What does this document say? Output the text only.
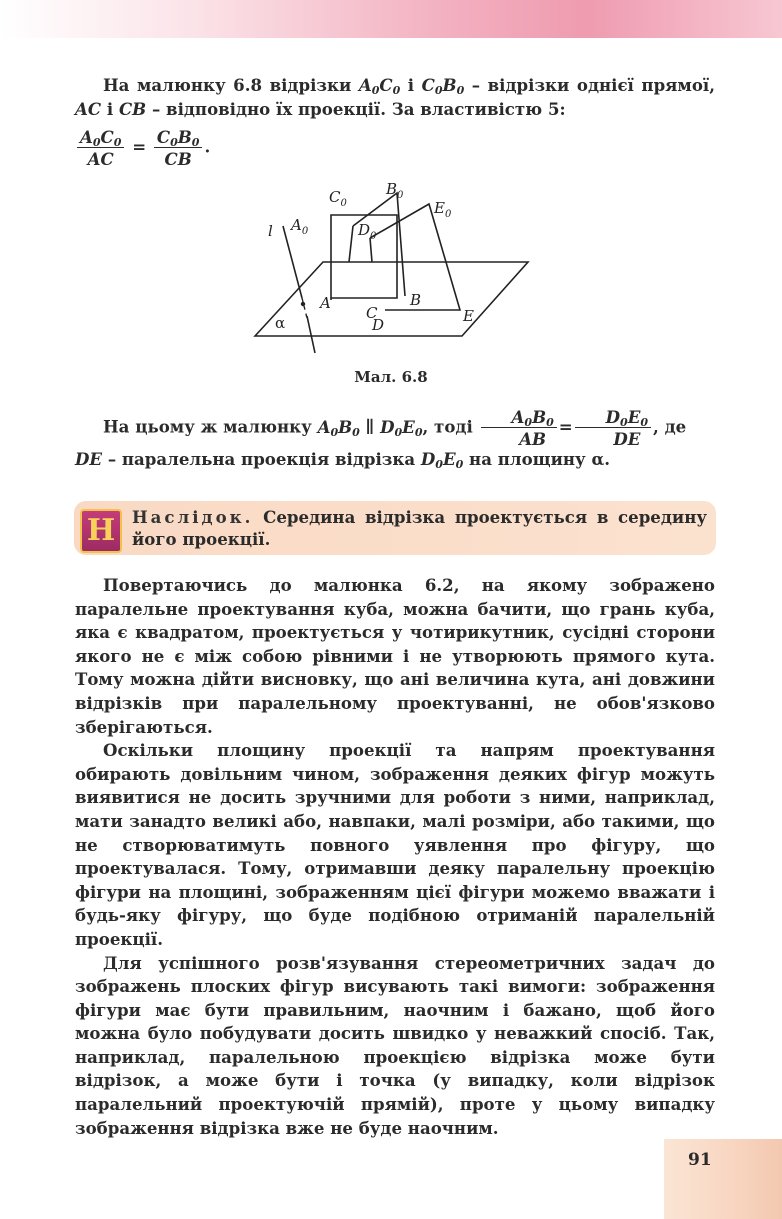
На малюнку 6.8 відрізки $A_0C_0$ і $C_0B_0$ – відрізки однієї прямої, AC і CB – відповідно їх проекції. За властивістю 5:

$\frac{A_0C_0}{AC} = \frac{C_0B_0}{CB}$ .
l $A_0$
$C_0$
$B_0$
$E_0$
$D_0$
A
C
B
D	E
α
Мал. 6.8

На цьому ж малюнку $A_0B_0$ ∥ $D_0E_0$, тоді $\frac{A_0B_0}{AB} = \frac{D_0E_0}{DE}$ , де

DE – паралельна проекція відрізка $D_0E_0$ на площину α.

Н	Наслідок. Середина відрізка проектується в середину його проекції.

Повертаючись до малюнка 6.2, на якому зображено паралельне проектування куба, можна бачити, що грань куба, яка є квадратом, проектується у чотирикутник, сусідні сторони якого не є між собою рівними і не утворюють прямого кута. Тому можна дійти висновку, що ані величина кута, ані довжини відрізків при паралельному проектуванні, не обов'язково зберігаються.

Оскільки площину проекції та напрям проектування обирають довільним чином, зображення деяких фігур можуть виявитися не досить зручними для роботи з ними, наприклад, мати занадто великі або, навпаки, малі розміри, або такими, що не створюватимуть повного уявлення про фігуру, що проектувалася. Тому, отримавши деяку паралельну проекцію фігури на площині, зображенням цієї фігури можемо вважати і будь-яку фігуру, що буде подібною отриманій паралельній проекції.

Для успішного розв'язування стереометричних задач до зображень плоских фігур висувають такі вимоги: зображення фігури має бути правильним, наочним і бажано, щоб його можна було побудувати досить швидко у неважкий спосіб. Так, наприклад, паралельною проекцією відрізка може бути відрізок, а може бути і точка (у випадку, коли відрізок паралельний проектуючій прямій), проте у цьому випадку зображення відрізка вже не буде наочним.

91
